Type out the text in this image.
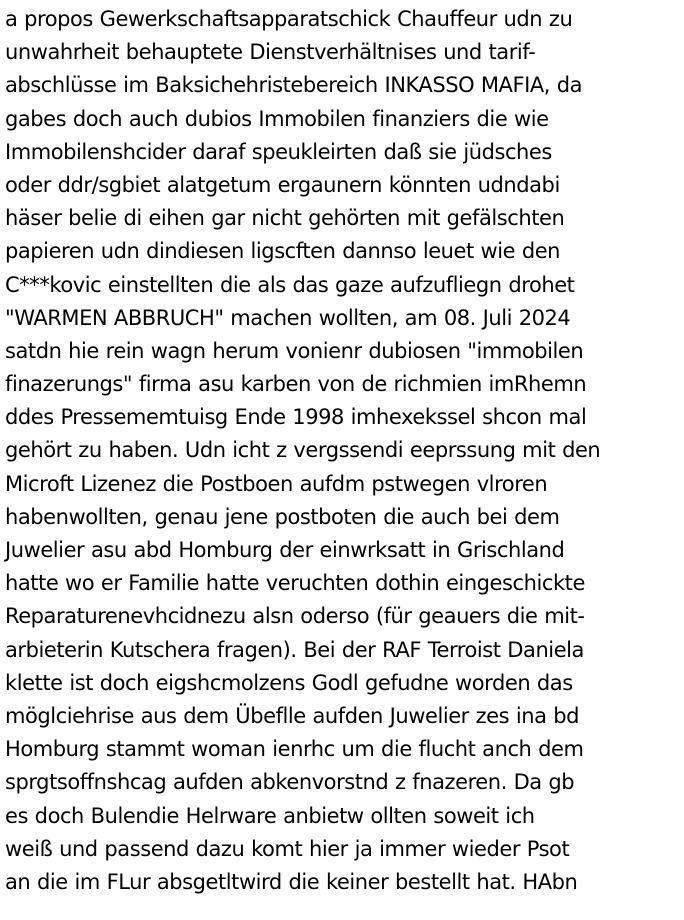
a propos Gewerkschaftsapparatschick Chauffeur udn zu
unwahrheit behauptete Dienstverhältnises und tarif-
abschlüsse im Baksichehristebereich INKASSO MAFIA, da
gabes doch auch dubios Immobilen finanziers die wie
Immobilenshcider daraf speukleirten daß sie jüdsches
oder ddr/sgbiet alatgetum ergaunern könnten udndabi
häser belie di eihen gar nicht gehörten mit gefälschten
papieren udn dindiesen ligscften dannso leuet wie den
C***kovic einstellten die als das gaze aufzufliegn drohet
"WARMEN ABBRUCH" machen wollten, am 08. Juli 2024
satdn hie rein wagn herum vonienr dubiosen "immobilen
finazerungs" firma asu karben von de richmien imRhemn
ddes Pressememtuisg Ende 1998 imhexekssel shcon mal
gehört zu haben. Udn icht z vergssendi eeprssung mit den
Microft Lizenez die Postboen aufdm pstwegen vlroren
habenwollten, genau jene postboten die auch bei dem
Juwelier asu abd Homburg der einwrksatt in Grischland
hatte wo er Familie hatte veruchten dothin eingeschickte
Reparaturenevhcidnezu alsn oderso (für geauers die mit-
arbieterin Kutschera fragen). Bei der RAF Terroist Daniela
klette ist doch eigshcmolzens Godl gefudne worden das
möglciehrise aus dem Übeflle aufden Juwelier zes ina bd
Homburg stammt woman ienrhc um die flucht anch dem
sprgtsoffnshcag aufden abkenvorstnd z fnazeren. Da gb
es doch Bulendie Helrware anbietw ollten soweit ich
weiß und passend dazu komt hier ja immer wieder Psot
an die im FLur absgetltwird die keiner bestellt hat. HAbn
